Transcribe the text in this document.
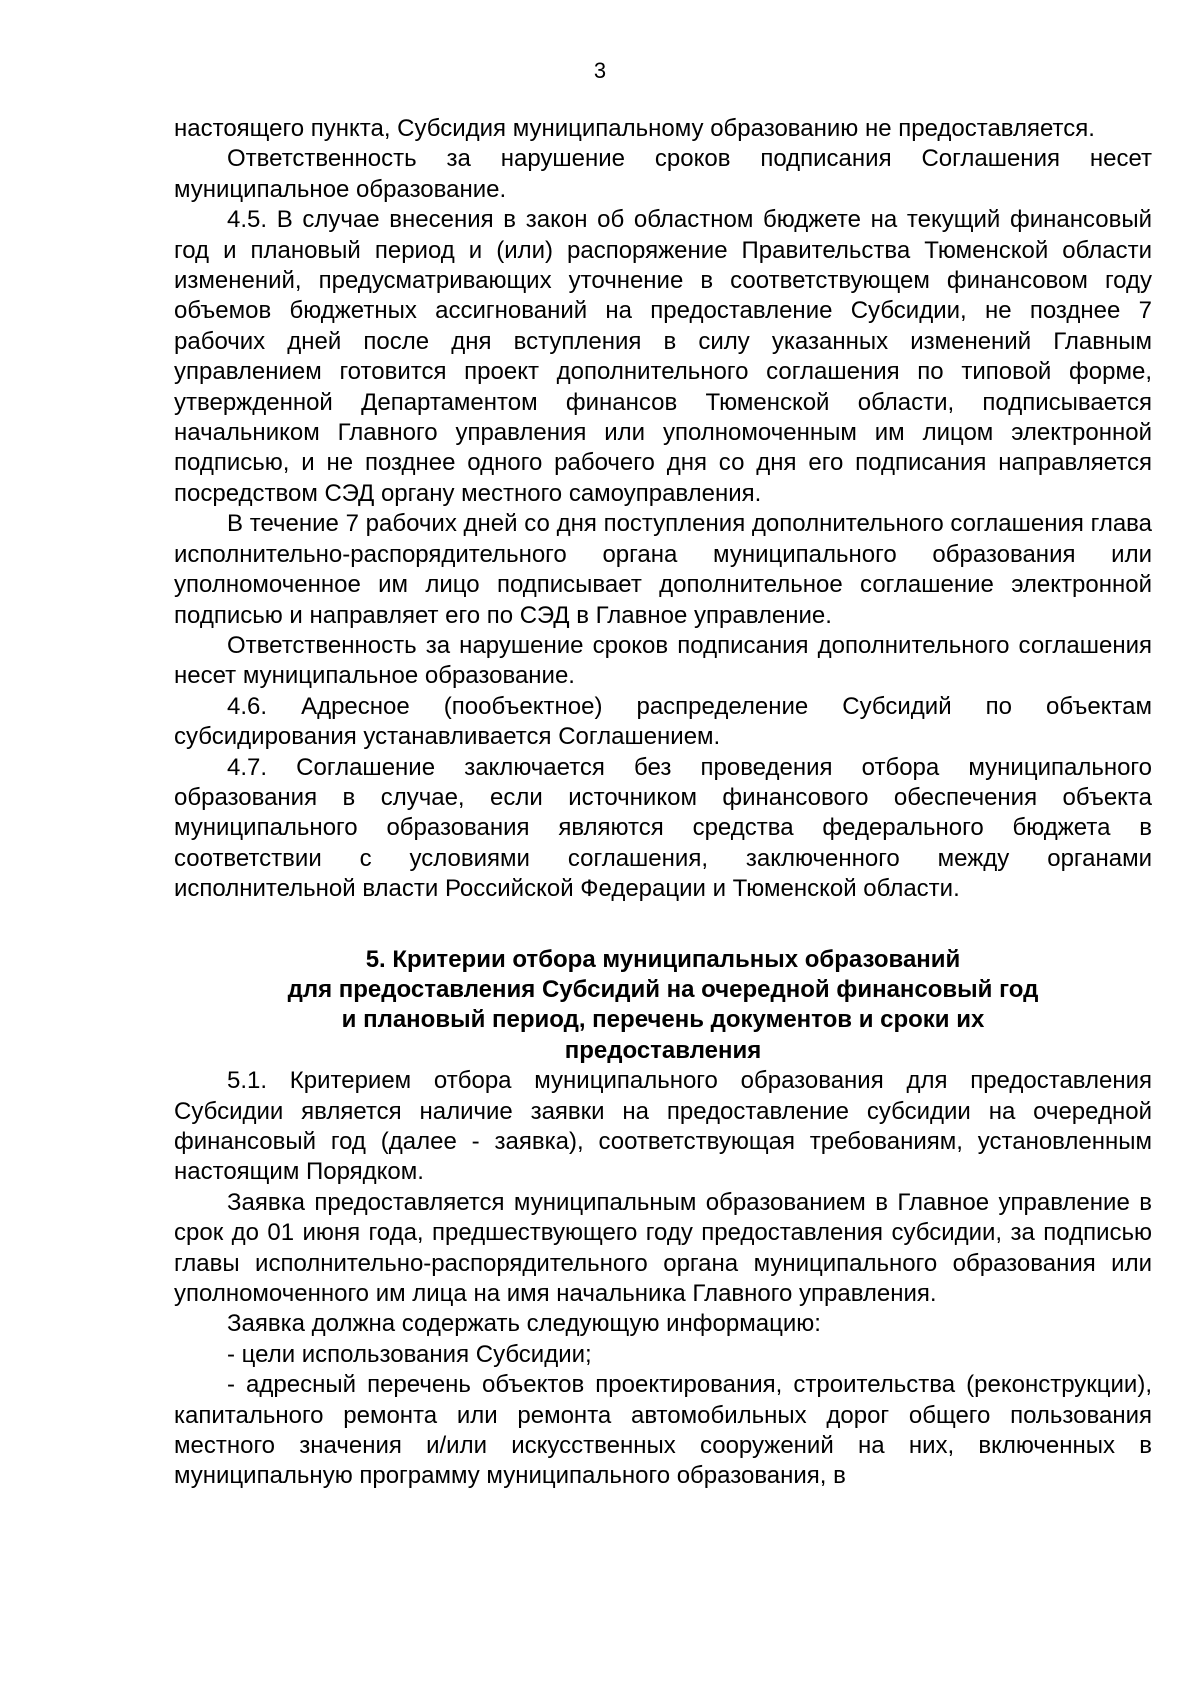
3

настоящего пункта, Субсидия муниципальному образованию не предоставляется.

Ответственность за нарушение сроков подписания Соглашения несет муниципальное образование.

4.5. В случае внесения в закон об областном бюджете на текущий финансовый год и плановый период и (или) распоряжение Правительства Тюменской области изменений, предусматривающих уточнение в соответствующем финансовом году объемов бюджетных ассигнований на предоставление Субсидии, не позднее 7 рабочих дней после дня вступления в силу указанных изменений Главным управлением готовится проект дополнительного соглашения по типовой форме, утвержденной Департаментом финансов Тюменской области, подписывается начальником Главного управления или уполномоченным им лицом электронной подписью, и не позднее одного рабочего дня со дня его подписания направляется посредством СЭД органу местного самоуправления.

В течение 7 рабочих дней со дня поступления дополнительного соглашения глава исполнительно-распорядительного органа муниципального образования или уполномоченное им лицо подписывает дополнительное соглашение электронной подписью и направляет его по СЭД в Главное управление.

Ответственность за нарушение сроков подписания дополнительного соглашения несет муниципальное образование.

4.6. Адресное (пообъектное) распределение Субсидий по объектам субсидирования устанавливается Соглашением.

4.7. Соглашение заключается без проведения отбора муниципального образования в случае, если источником финансового обеспечения объекта муниципального образования являются средства федерального бюджета в соответствии с условиями соглашения, заключенного между органами исполнительной власти Российской Федерации и Тюменской области.

5. Критерии отбора муниципальных образований
для предоставления Субсидий на очередной финансовый год
и плановый период, перечень документов и сроки их
предоставления

5.1. Критерием отбора муниципального образования для предоставления Субсидии является наличие заявки на предоставление субсидии на очередной финансовый год (далее - заявка), соответствующая требованиям, установленным настоящим Порядком.

Заявка предоставляется муниципальным образованием в Главное управление в срок до 01 июня года, предшествующего году предоставления субсидии, за подписью главы исполнительно-распорядительного органа муниципального образования или уполномоченного им лица на имя начальника Главного управления.

Заявка должна содержать следующую информацию:

- цели использования Субсидии;

- адресный перечень объектов проектирования, строительства (реконструкции), капитального ремонта или ремонта автомобильных дорог общего пользования местного значения и/или искусственных сооружений на них, включенных в муниципальную программу муниципального образования, в
